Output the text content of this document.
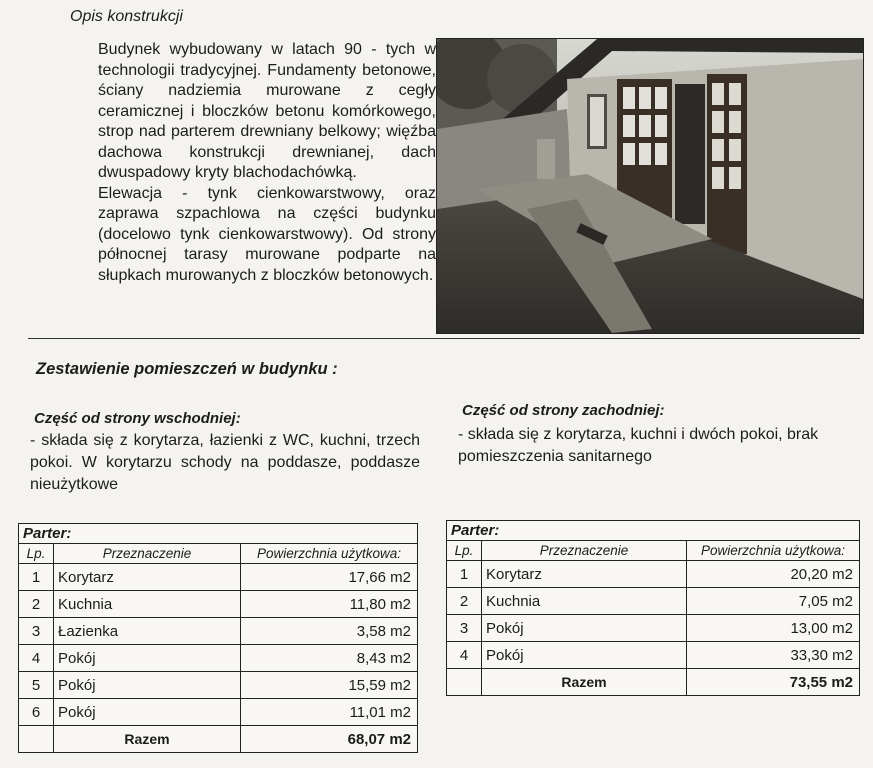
Opis konstrukcji

Budynek wybudowany w latach 90 - tych w technologii tradycyjnej. Fundamenty betonowe, ściany nadziemia murowane z cegły ceramicznej i bloczków betonu komórkowego, strop nad parterem drewniany belkowy; więźba dachowa konstrukcji drewnianej, dach dwuspadowy kryty blachodachówką.

Elewacja - tynk cienkowarstwowy, oraz zaprawa szpachlowa na części budynku (docelowo tynk cienkowarstwowy). Od strony północnej tarasy murowane podparte na słupkach murowanych z bloczków betonowych.

Zestawienie pomieszczeń w budynku :
Część od strony wschodniej:
- składa się z korytarza, łazienki z WC, kuchni, trzech pokoi. W korytarzu schody na poddasze, poddasze nieużytkowe
Część od strony zachodniej:
- składa się z korytarza, kuchni i dwóch pokoi, brak pomieszczenia sanitarnego
Parter:		
Lp.	Przeznaczenie	Powierzchnia użytkowa:
1	Korytarz	17,66 m2
2	Kuchnia	11,80 m2
3	Łazienka	3,58 m2
4	Pokój	8,43 m2
5	Pokój	15,59 m2
6	Pokój	11,01 m2
	Razem	68,07 m2
Parter:		
Lp.	Przeznaczenie	Powierzchnia użytkowa:
1	Korytarz	20,20 m2
2	Kuchnia	7,05 m2
3	Pokój	13,00 m2
4	Pokój	33,30 m2
	Razem	73,55 m2
